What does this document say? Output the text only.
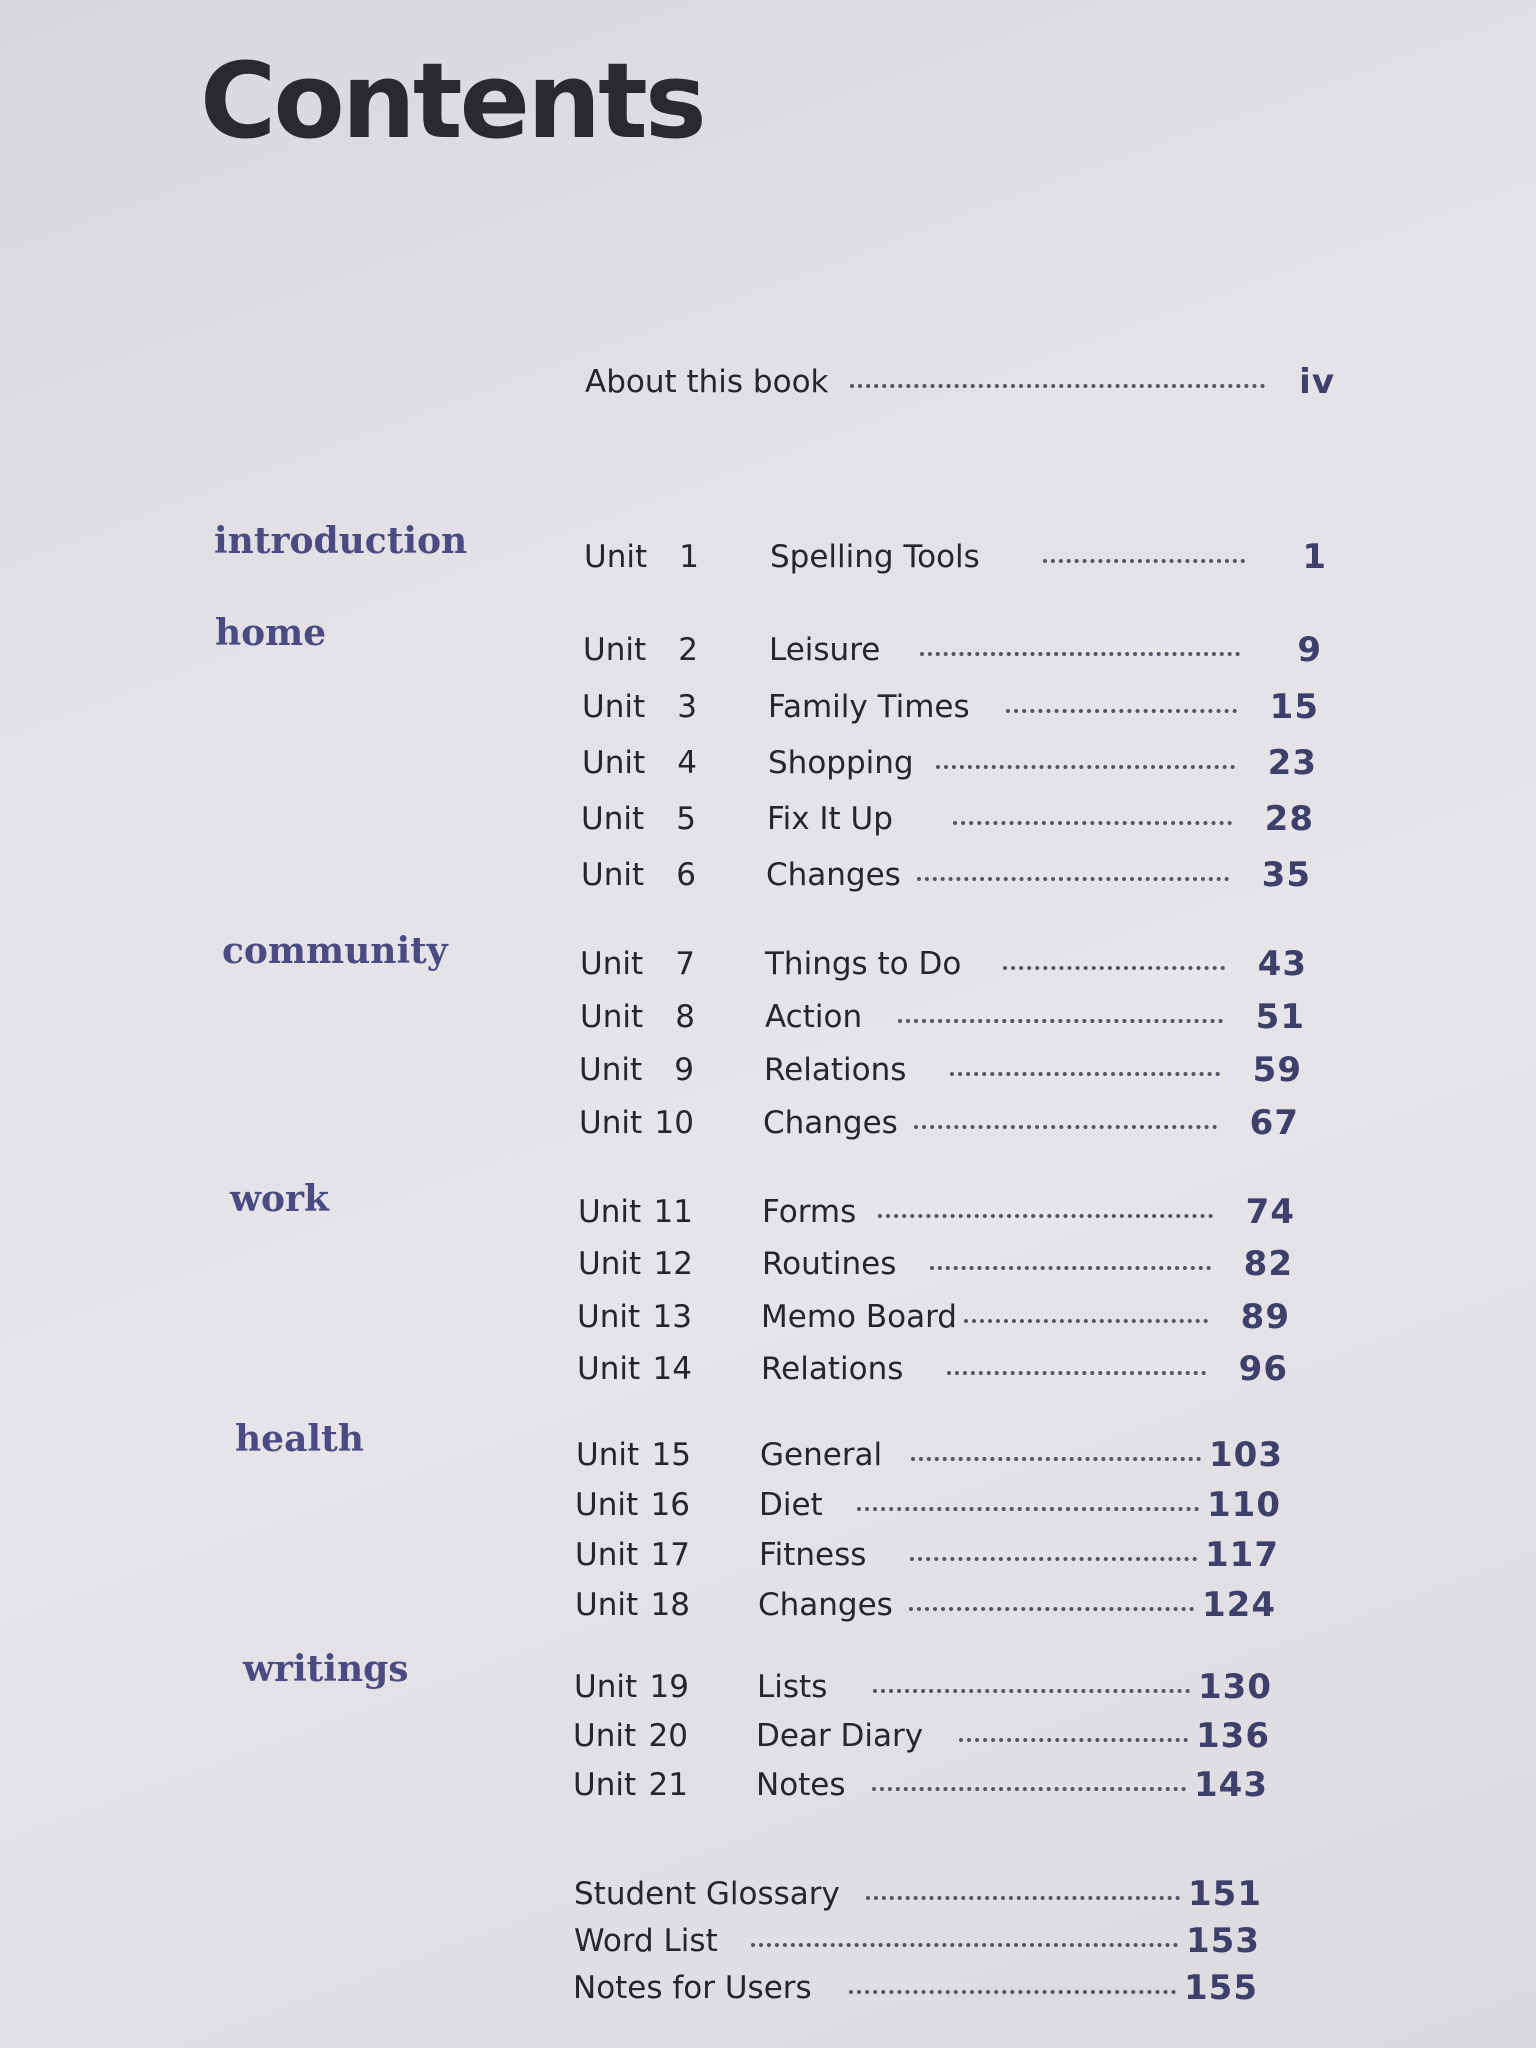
Contents
About this book	iv
introduction	Unit	1 Spelling Tools	1
home	Unit	2 Leisure	9
Unit	3 Family Times	15
Unit	4 Shopping	23
Unit	5 Fix It Up	28
Unit	6 Changes	35
community	Unit	7 Things to Do	43
Unit	8 Action	51
Unit	9 Relations	59
Unit 10 Changes	67
work	Unit 11 Forms	74
Unit 12 Routines	82
Unit 13 Memo Board	89
Unit 14 Relations	96
health	Unit 15 General	103
Unit 16 Diet	110
Unit 17 Fitness	117
Unit 18 Changes	124
writings	Unit 19 Lists	130
Unit 20 Dear Diary	136
Unit 21 Notes	143
Student Glossary	151
Word List	153
Notes for Users	155
